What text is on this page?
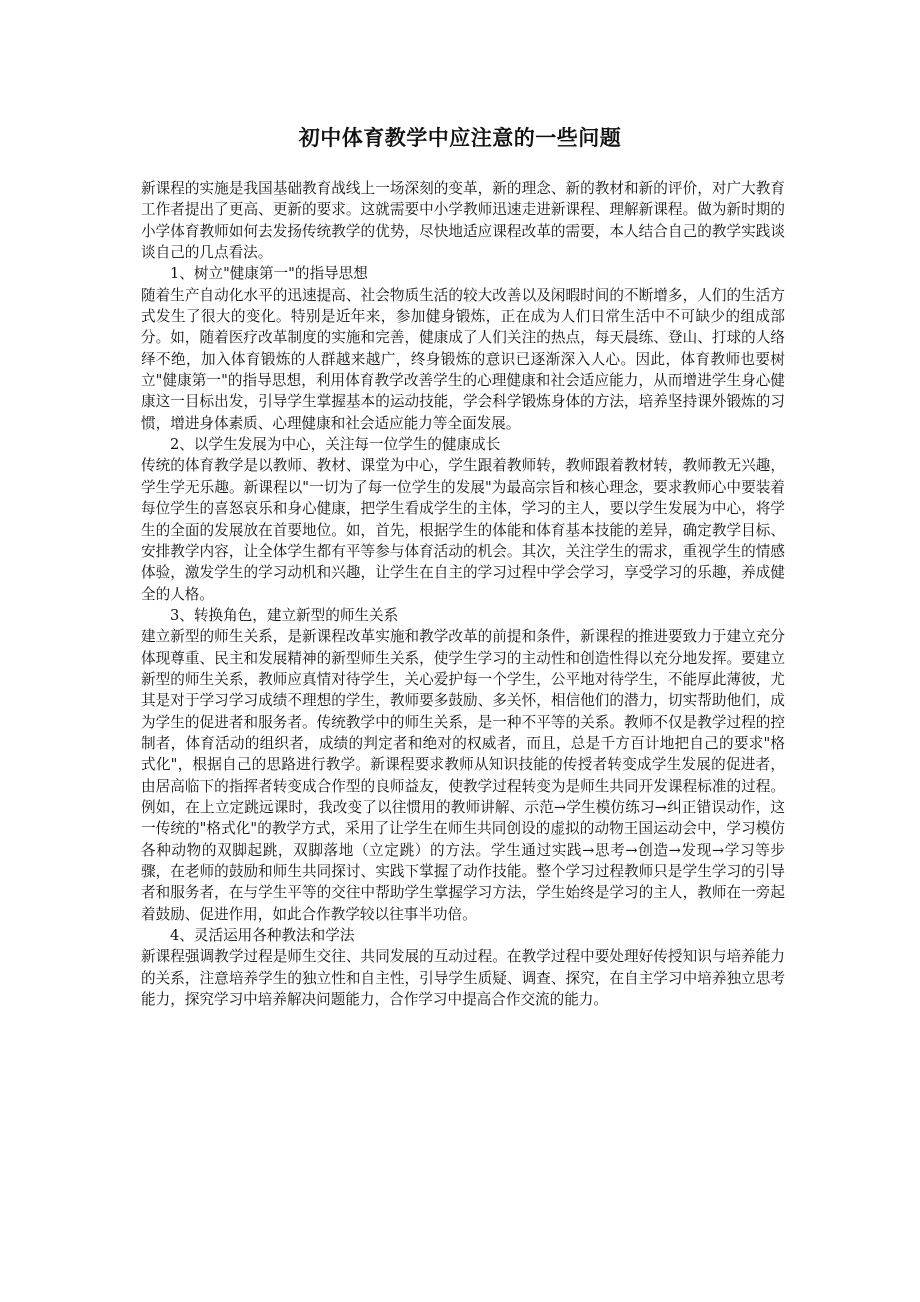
初中体育教学中应注意的一些问题

新课程的实施是我国基础教育战线上一场深刻的变革，新的理念、新的教材和新的评价，对广大教育工作者提出了更高、更新的要求。这就需要中小学教师迅速走进新课程、理解新课程。做为新时期的小学体育教师如何去发扬传统教学的优势，尽快地适应课程改革的需要，本人结合自己的教学实践谈谈自己的几点看法。

1、树立"健康第一"的指导思想

随着生产自动化水平的迅速提高、社会物质生活的较大改善以及闲暇时间的不断增多，人们的生活方式发生了很大的变化。特别是近年来，参加健身锻炼，正在成为人们日常生活中不可缺少的组成部分。如，随着医疗改革制度的实施和完善，健康成了人们关注的热点，每天晨练、登山、打球的人络绎不绝，加入体育锻炼的人群越来越广，终身锻炼的意识已逐渐深入人心。因此，体育教师也要树立"健康第一"的指导思想，利用体育教学改善学生的心理健康和社会适应能力，从而增进学生身心健康这一目标出发，引导学生掌握基本的运动技能，学会科学锻炼身体的方法，培养坚持课外锻炼的习惯，增进身体素质、心理健康和社会适应能力等全面发展。

2、以学生发展为中心，关注每一位学生的健康成长

传统的体育教学是以教师、教材、课堂为中心，学生跟着教师转，教师跟着教材转，教师教无兴趣，学生学无乐趣。新课程以"一切为了每一位学生的发展"为最高宗旨和核心理念，要求教师心中要装着每位学生的喜怒哀乐和身心健康，把学生看成学生的主体，学习的主人，要以学生发展为中心，将学生的全面的发展放在首要地位。如，首先，根据学生的体能和体育基本技能的差异，确定教学目标、安排教学内容，让全体学生都有平等参与体育活动的机会。其次，关注学生的需求，重视学生的情感体验，激发学生的学习动机和兴趣，让学生在自主的学习过程中学会学习，享受学习的乐趣，养成健全的人格。

3、转换角色，建立新型的师生关系

建立新型的师生关系，是新课程改革实施和教学改革的前提和条件，新课程的推进要致力于建立充分体现尊重、民主和发展精神的新型师生关系，使学生学习的主动性和创造性得以充分地发挥。要建立新型的师生关系，教师应真情对待学生，关心爱护每一个学生，公平地对待学生，不能厚此薄彼，尤其是对于学习学习成绩不理想的学生，教师要多鼓励、多关怀，相信他们的潜力，切实帮助他们，成为学生的促进者和服务者。传统教学中的师生关系，是一种不平等的关系。教师不仅是教学过程的控制者，体育活动的组织者，成绩的判定者和绝对的权威者，而且，总是千方百计地把自己的要求"格式化"，根据自己的思路进行教学。新课程要求教师从知识技能的传授者转变成学生发展的促进者，由居高临下的指挥者转变成合作型的良师益友，使教学过程转变为是师生共同开发课程标准的过程。例如，在上立定跳远课时，我改变了以往惯用的教师讲解、示范→学生模仿练习→纠正错误动作，这一传统的"格式化"的教学方式，采用了让学生在师生共同创设的虚拟的动物王国运动会中，学习模仿各种动物的双脚起跳，双脚落地（立定跳）的方法。学生通过实践→思考→创造→发现→学习等步骤，在老师的鼓励和师生共同探讨、实践下掌握了动作技能。整个学习过程教师只是学生学习的引导者和服务者，在与学生平等的交往中帮助学生掌握学习方法，学生始终是学习的主人，教师在一旁起着鼓励、促进作用，如此合作教学较以往事半功倍。

4、灵活运用各种教法和学法

新课程强调教学过程是师生交往、共同发展的互动过程。在教学过程中要处理好传授知识与培养能力的关系，注意培养学生的独立性和自主性，引导学生质疑、调查、探究，在自主学习中培养独立思考能力，探究学习中培养解决问题能力，合作学习中提高合作交流的能力。
